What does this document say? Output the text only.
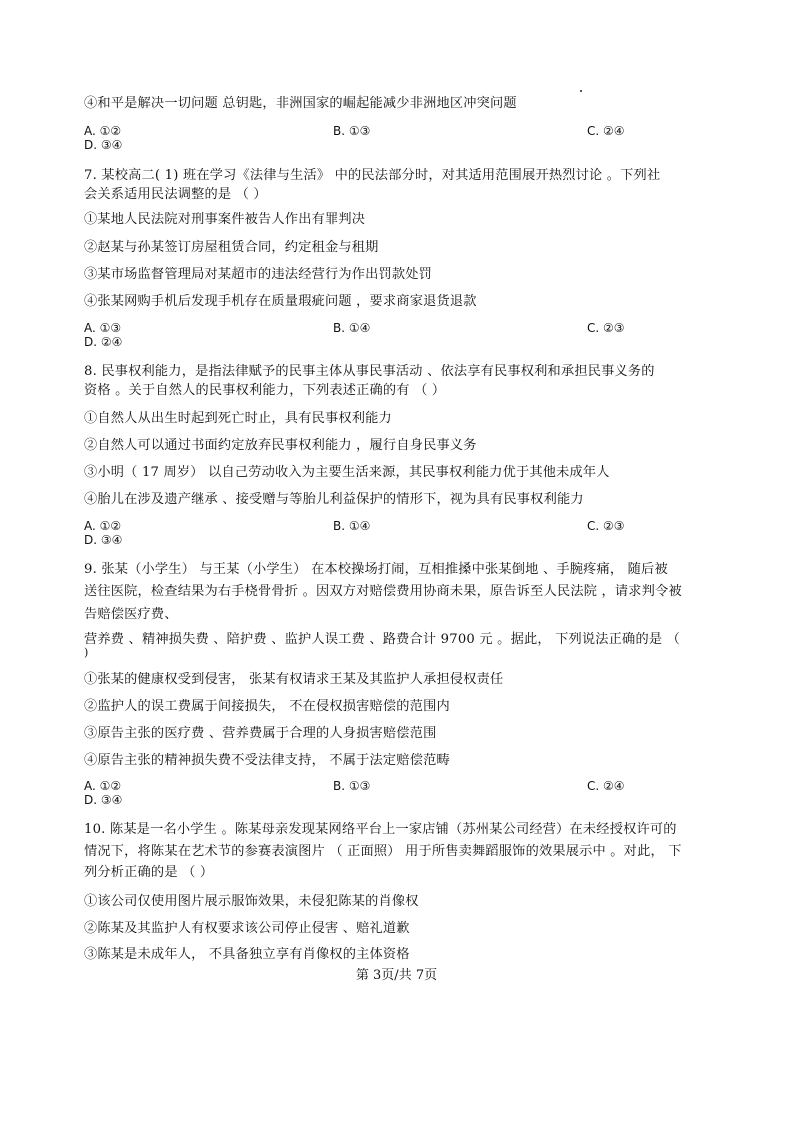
④和平是解决一切问题 总钥匙，非洲国家的崛起能减少非洲地区冲突问题
A. ①②	B. ①③	C. ②④
D. ③④
7. 某校高二( 1) 班在学习《法律与生活》 中的民法部分时，对其适用范围展开热烈讨论 。下列社
会关系适用民法调整的是 （ ）
①某地人民法院对刑事案件被告人作出有罪判决
②赵某与孙某签订房屋租赁合同，约定租金与租期
③某市场监督管理局对某超市的违法经营行为作出罚款处罚
④张某网购手机后发现手机存在质量瑕疵问题 ，要求商家退货退款
A. ①③	B. ①④	C. ②③
D. ②④
8. 民事权利能力，是指法律赋予的民事主体从事民事活动 、依法享有民事权利和承担民事义务的
资格 。关于自然人的民事权利能力，下列表述正确的有 （ ）
①自然人从出生时起到死亡时止，具有民事权利能力
②自然人可以通过书面约定放弃民事权利能力 ，履行自身民事义务
③小明（ 17 周岁） 以自己劳动收入为主要生活来源，其民事权利能力优于其他未成年人
④胎儿在涉及遗产继承 、接受赠与等胎儿利益保护的情形下，视为具有民事权利能力
A. ①②	B. ①④	C. ②③
D. ③④
9. 张某（小学生） 与王某（小学生） 在本校操场打闹，互相推搡中张某倒地 、手腕疼痛， 随后被
送往医院，检查结果为右手桡骨骨折 。因双方对赔偿费用协商未果，原告诉至人民法院 ，请求判令被
告赔偿医疗费、
营养费 、精神损失费 、陪护费 、监护人误工费 、路费合计 9700 元 。据此， 下列说法正确的是 （
)
①张某的健康权受到侵害， 张某有权请求王某及其监护人承担侵权责任
②监护人的误工费属于间接损失， 不在侵权损害赔偿的范围内
③原告主张的医疗费 、营养费属于合理的人身损害赔偿范围
④原告主张的精神损失费不受法律支持， 不属于法定赔偿范畴
A. ①②	B. ①③	C. ②④
D. ③④
10. 陈某是一名小学生 。陈某母亲发现某网络平台上一家店铺（苏州某公司经营）在未经授权许可的
情况下，将陈某在艺术节的参赛表演图片 （ 正面照） 用于所售卖舞蹈服饰的效果展示中 。对此， 下
列分析正确的是 （ ）
①该公司仅使用图片展示服饰效果，未侵犯陈某的肖像权
②陈某及其监护人有权要求该公司停止侵害 、赔礼道歉
③陈某是未成年人， 不具备独立享有肖像权的主体资格
第 3页/共 7页
